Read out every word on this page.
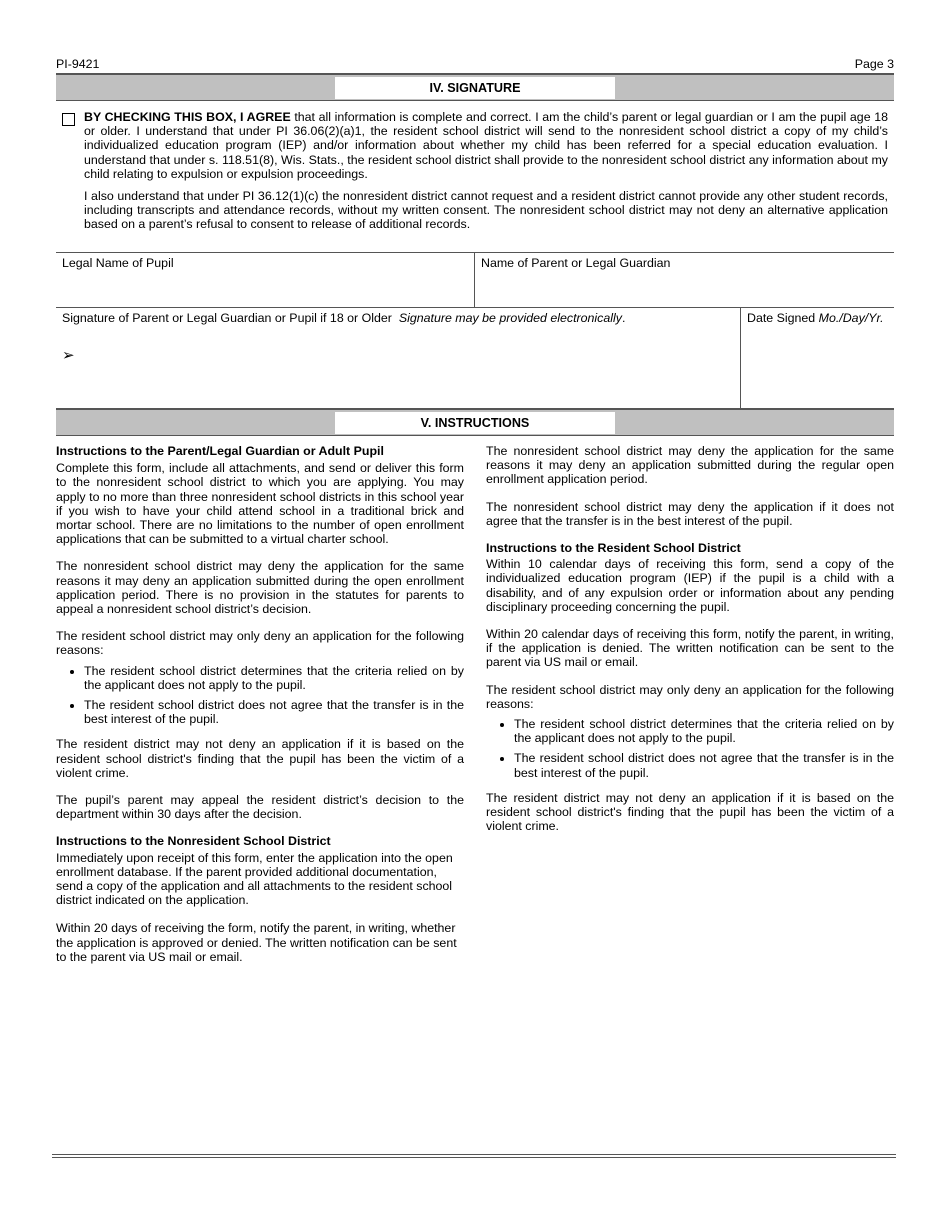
PI-9421	Page 3
IV. SIGNATURE

BY CHECKING THIS BOX, I AGREE that all information is complete and correct. I am the child’s parent or legal guardian or I am the pupil age 18 or older. I understand that under PI 36.06(2)(a)1, the resident school district will send to the nonresident school district a copy of my child’s individualized education program (IEP) and/or information about whether my child has been referred for a special education evaluation. I understand that under s. 118.51(8), Wis. Stats., the resident school district shall provide to the nonresident school district any information about my child relating to expulsion or expulsion proceedings.

I also understand that under PI 36.12(1)(c) the nonresident district cannot request and a resident district cannot provide any other student records, including transcripts and attendance records, without my written consent. The nonresident school district may not deny an alternative application based on a parent’s refusal to consent to release of additional records.

Legal Name of Pupil	Name of Parent or Legal Guardian
Signature of Parent or Legal Guardian or Pupil if 18 or Older Signature may be provided electronically.
➢
Date Signed Mo./Day/Yr.
V. INSTRUCTIONS
Instructions to the Parent/Legal Guardian or Adult Pupil

Complete this form, include all attachments, and send or deliver this form to the nonresident school district to which you are applying. You may apply to no more than three nonresident school districts in this school year if you wish to have your child attend school in a traditional brick and mortar school. There are no limitations to the number of open enrollment applications that can be submitted to a virtual charter school.

The nonresident school district may deny the application for the same reasons it may deny an application submitted during the open enrollment application period. There is no provision in the statutes for parents to appeal a nonresident school district’s decision.

The resident school district may only deny an application for the following reasons:

• The resident school district determines that the criteria relied on by the applicant does not apply to the pupil.
• The resident school district does not agree that the transfer is in the best interest of the pupil.

The resident district may not deny an application if it is based on the resident school district's finding that the pupil has been the victim of a violent crime.

The pupil’s parent may appeal the resident district’s decision to the department within 30 days after the decision.

Instructions to the Nonresident School District

Immediately upon receipt of this form, enter the application into the open enrollment database. If the parent provided additional documentation, send a copy of the application and all attachments to the resident school district indicated on the application.

Within 20 days of receiving the form, notify the parent, in writing, whether the application is approved or denied. The written notification can be sent to the parent via US mail or email.

The nonresident school district may deny the application for the same reasons it may deny an application submitted during the regular open enrollment application period.

The nonresident school district may deny the application if it does not agree that the transfer is in the best interest of the pupil.

Instructions to the Resident School District

Within 10 calendar days of receiving this form, send a copy of the individualized education program (IEP) if the pupil is a child with a disability, and of any expulsion order or information about any pending disciplinary proceeding concerning the pupil.

Within 20 calendar days of receiving this form, notify the parent, in writing, if the application is denied. The written notification can be sent to the parent via US mail or email.

The resident school district may only deny an application for the following reasons:

• The resident school district determines that the criteria relied on by the applicant does not apply to the pupil.
• The resident school district does not agree that the transfer is in the best interest of the pupil.

The resident district may not deny an application if it is based on the resident school district's finding that the pupil has been the victim of a violent crime.
